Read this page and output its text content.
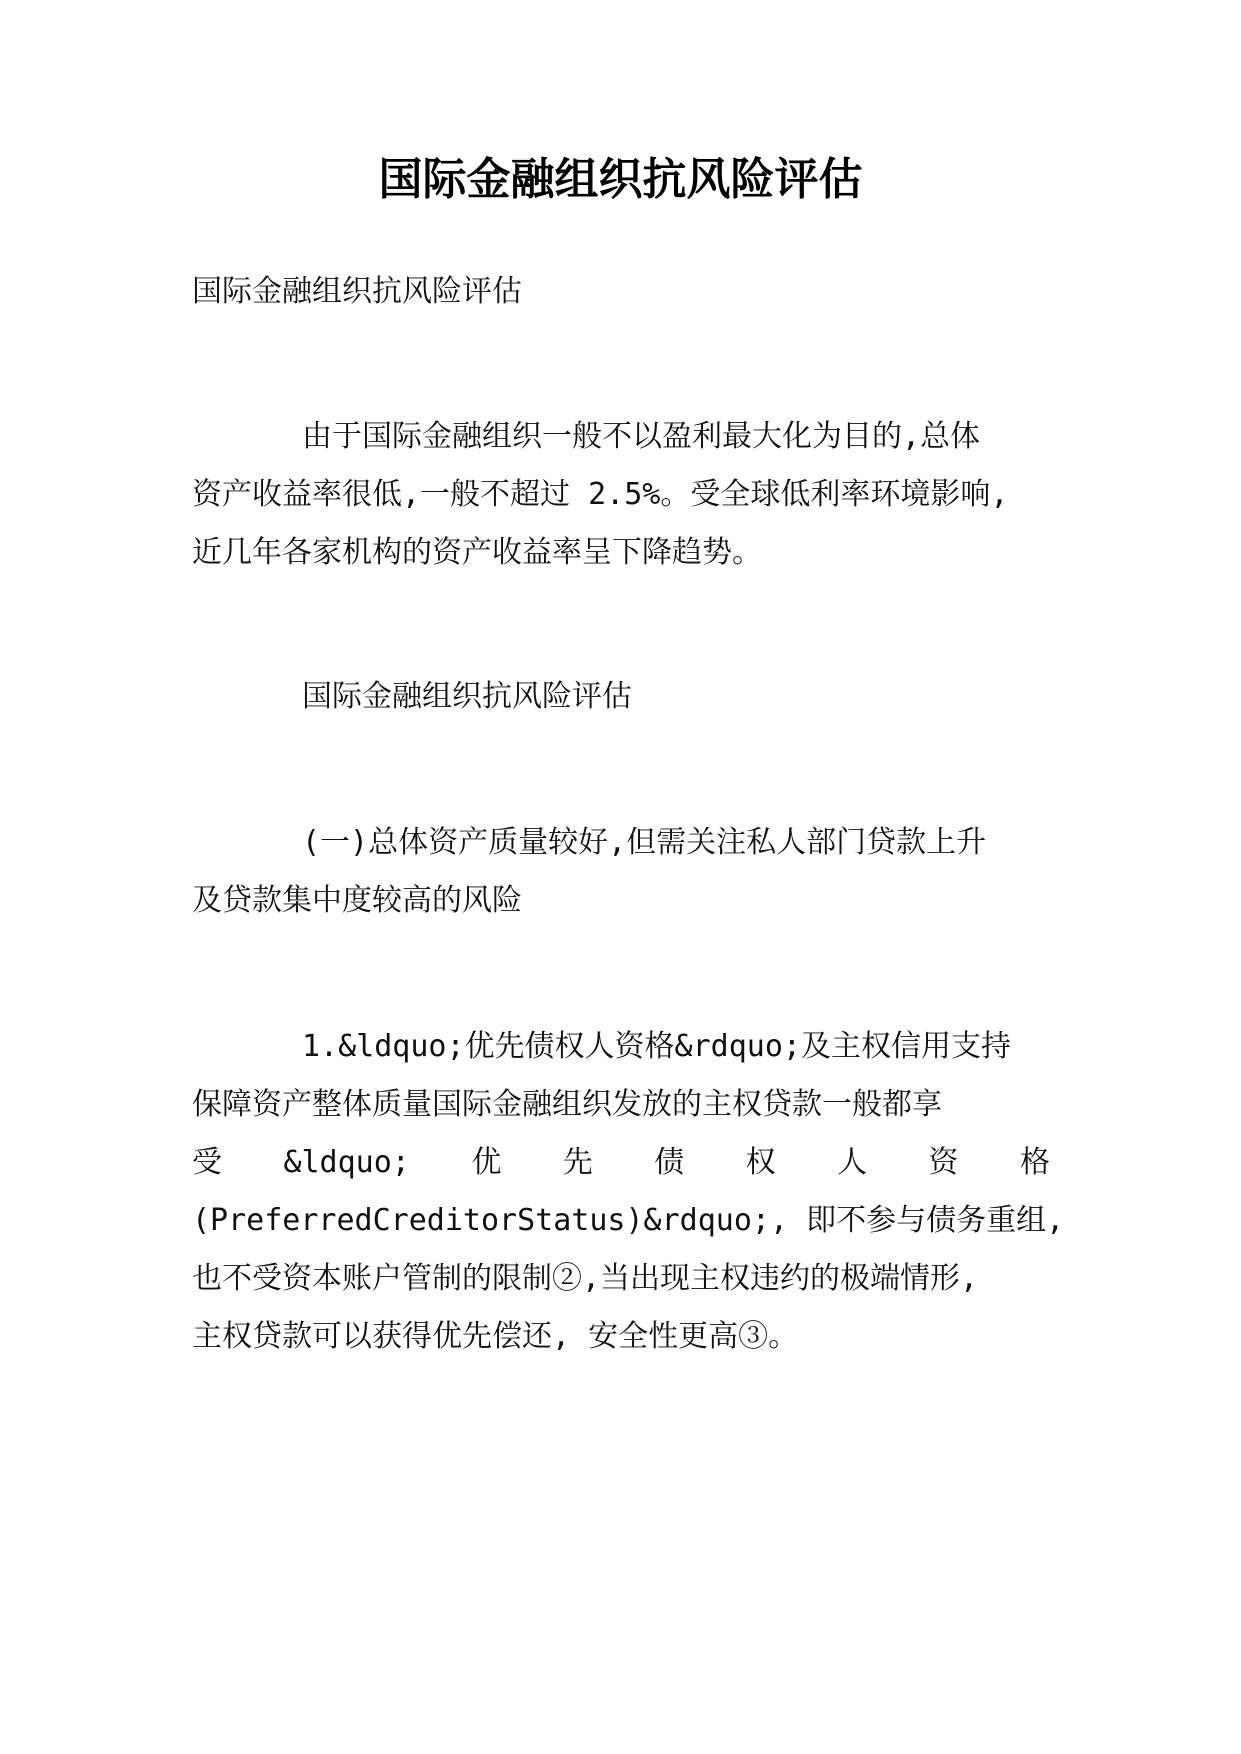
国际金融组织抗风险评估
国际金融组织抗风险评估
由于国际金融组织一般不以盈利最大化为目的,总体
资产收益率很低,一般不超过 2.5%。受全球低利率环境影响,
近几年各家机构的资产收益率呈下降趋势。
国际金融组织抗风险评估
(一)总体资产质量较好,但需关注私人部门贷款上升
及贷款集中度较高的风险
1.&ldquo;优先债权人资格&rdquo;及主权信用支持
保障资产整体质量国际金融组织发放的主权贷款一般都享
受 &ldquo; 优 先 债 权 人 资 格
(PreferredCreditorStatus)&rdquo;, 即不参与债务重组,
也不受资本账户管制的限制②,当出现主权违约的极端情形,
主权贷款可以获得优先偿还, 安全性更高③。
